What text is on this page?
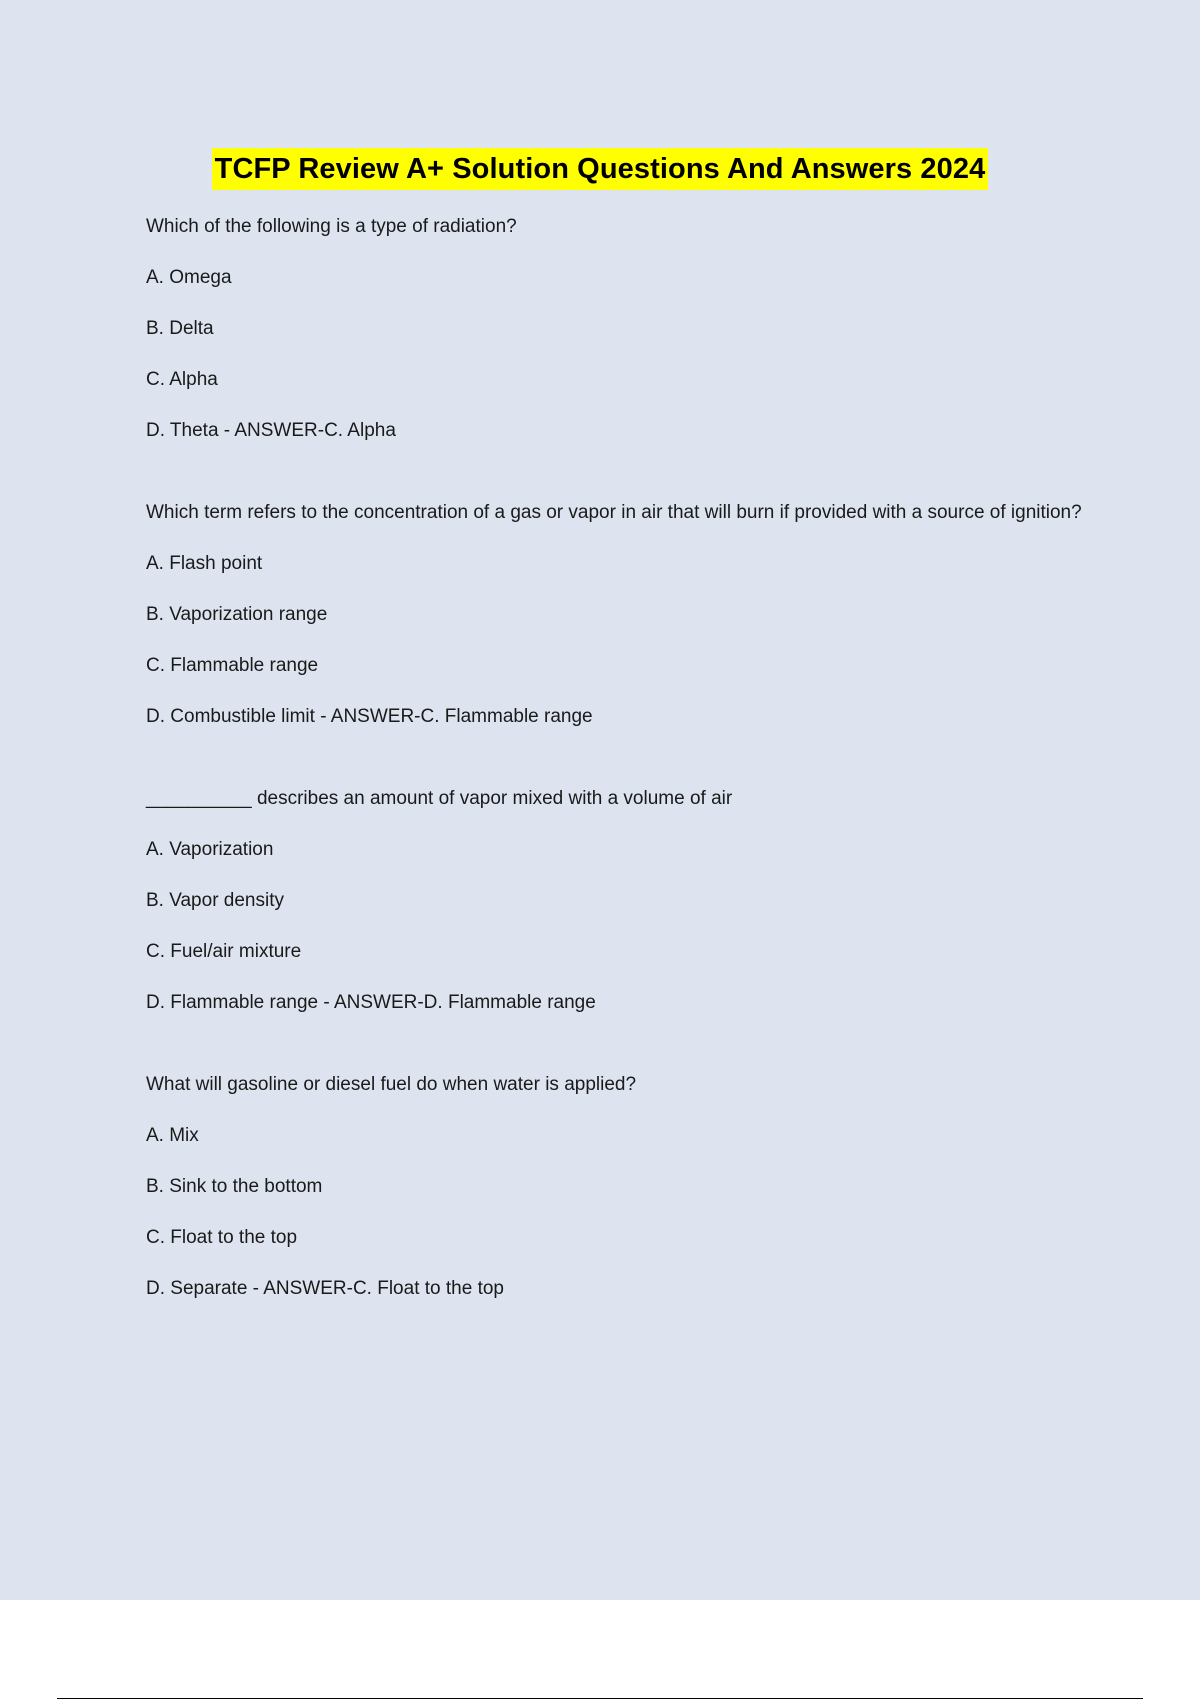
TCFP Review A+ Solution Questions And Answers 2024

Which of the following is a type of radiation?

A. Omega

B. Delta

C. Alpha

D. Theta - ANSWER-C. Alpha

Which term refers to the concentration of a gas or vapor in air that will burn if provided with a source of ignition?

A. Flash point

B. Vaporization range

C. Flammable range

D. Combustible limit - ANSWER-C. Flammable range

__________ describes an amount of vapor mixed with a volume of air

A. Vaporization

B. Vapor density

C. Fuel/air mixture

D. Flammable range - ANSWER-D. Flammable range

What will gasoline or diesel fuel do when water is applied?

A. Mix

B. Sink to the bottom

C. Float to the top

D. Separate - ANSWER-C. Float to the top
